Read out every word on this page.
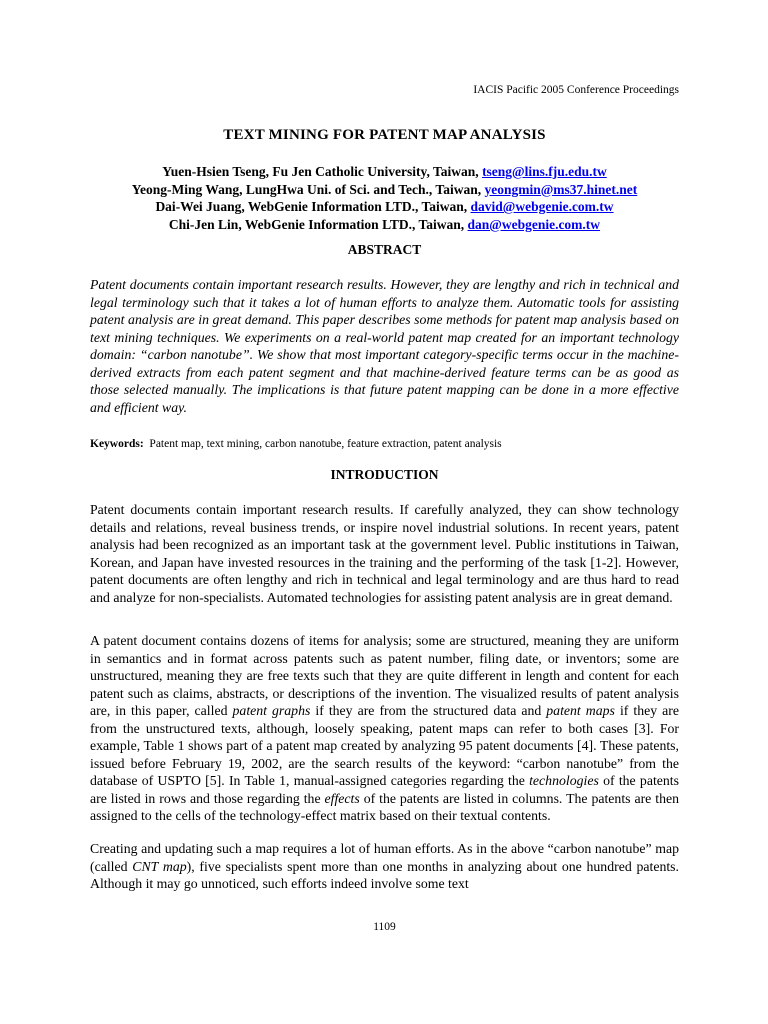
IACIS Pacific 2005 Conference Proceedings
TEXT MINING FOR PATENT MAP ANALYSIS
Yuen-Hsien Tseng, Fu Jen Catholic University, Taiwan, tseng@lins.fju.edu.tw
Yeong-Ming Wang, LungHwa Uni. of Sci. and Tech., Taiwan, yeongmin@ms37.hinet.net
Dai-Wei Juang, WebGenie Information LTD., Taiwan, david@webgenie.com.tw
Chi-Jen Lin, WebGenie Information LTD., Taiwan, dan@webgenie.com.tw
ABSTRACT

Patent documents contain important research results. However, they are lengthy and rich in technical and legal terminology such that it takes a lot of human efforts to analyze them. Automatic tools for assisting patent analysis are in great demand. This paper describes some methods for patent map analysis based on text mining techniques. We experiments on a real-world patent map created for an important technology domain: “carbon nanotube”. We show that most important category-specific terms occur in the machine-derived extracts from each patent segment and that machine-derived feature terms can be as good as those selected manually. The implications is that future patent mapping can be done in a more effective and efficient way.

Keywords: Patent map, text mining, carbon nanotube, feature extraction, patent analysis
INTRODUCTION

Patent documents contain important research results. If carefully analyzed, they can show technology details and relations, reveal business trends, or inspire novel industrial solutions. In recent years, patent analysis had been recognized as an important task at the government level. Public institutions in Taiwan, Korean, and Japan have invested resources in the training and the performing of the task [1-2]. However, patent documents are often lengthy and rich in technical and legal terminology and are thus hard to read and analyze for non-specialists. Automated technologies for assisting patent analysis are in great demand.

A patent document contains dozens of items for analysis; some are structured, meaning they are uniform in semantics and in format across patents such as patent number, filing date, or inventors; some are unstructured, meaning they are free texts such that they are quite different in length and content for each patent such as claims, abstracts, or descriptions of the invention. The visualized results of patent analysis are, in this paper, called patent graphs if they are from the structured data and patent maps if they are from the unstructured texts, although, loosely speaking, patent maps can refer to both cases [3]. For example, Table 1 shows part of a patent map created by analyzing 95 patent documents [4]. These patents, issued before February 19, 2002, are the search results of the keyword: “carbon nanotube” from the database of USPTO [5]. In Table 1, manual-assigned categories regarding the technologies of the patents are listed in rows and those regarding the effects of the patents are listed in columns. The patents are then assigned to the cells of the technology-effect matrix based on their textual contents.

Creating and updating such a map requires a lot of human efforts. As in the above “carbon nanotube” map (called CNT map), five specialists spent more than one months in analyzing about one hundred patents. Although it may go unnoticed, such efforts indeed involve some text

1109
